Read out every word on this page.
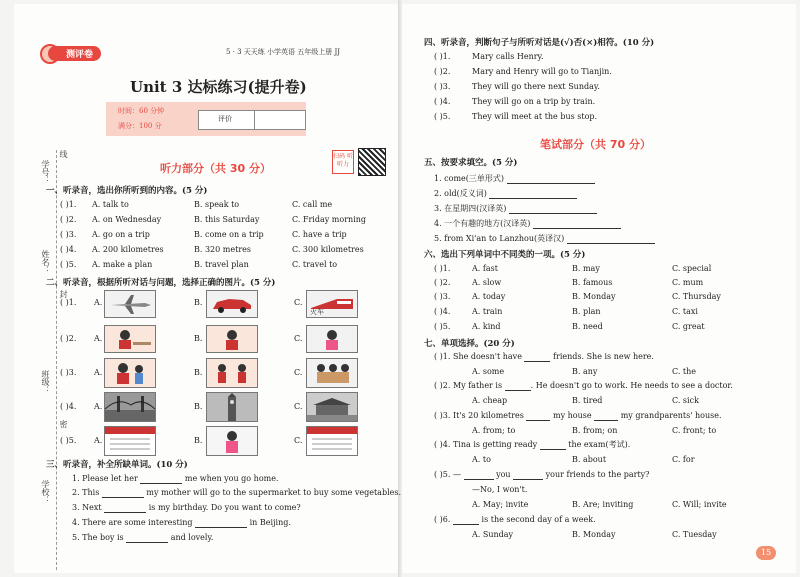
学号：
姓名：
班级：
学校：
线
封
密
测评卷	5 · 3 天天练 小学英语 五年级上册 JJ
Unit 3 达标练习(提升卷)
时间：60 分钟
满分：100 分
评价
听力部分（共 30 分）
扫码 听听力
一、听录音，选出你所听到的内容。(5 分)
( )1. A. talk to	B. speak to	C. call me
( )2. A. on Wednesday	B. this Saturday	C. Friday morning
( )3. A. go on a trip	B. come on a trip	C. have a trip
( )4. A. 200 kilometres	B. 320 metres	C. 300 kilometres
( )5. A. make a plan	B. travel plan	C. travel to
二、听录音，根据所听对话与问题，选择正确的图片。(5 分)
( )1. A.	B.	C.
火车
( )2. A.	B.	C.
( )3. A.	B.	C.
( )4. A.	B.	C.
( )5. A.	B.	C.
三、听录音，补全所缺单词。(10 分)
1. Please let her	me when you go home.
2. This	my mother will go to the supermarket to buy some vegetables.
3. Next	is my birthday. Do you want to come?
4. There are some interesting	in Beijing.
5. The boy is	and lovely.
四、听录音，判断句子与所听对话是(√)否(×)相符。(10 分)
( )1.	Mary calls Henry.
( )2.	Mary and Henry will go to Tianjin.
( )3.	They will go there next Sunday.
( )4.	They will go on a trip by train.
( )5.	They will meet at the bus stop.
笔试部分（共 70 分）
五、按要求填空。(5 分)
1. come(三单形式)
2. old(反义词)
3. 在星期四(汉译英)
4. 一个有趣的地方(汉译英)
5. from Xi'an to Lanzhou(英译汉)
六、选出下列单词中不同类的一项。(5 分)
( )1.	A. fast	B. may	C. special
( )2.	A. slow	B. famous	C. mum
( )3.	A. today	B. Monday	C. Thursday
( )4.	A. train	B. plan	C. taxi
( )5.	A. kind	B. need	C. great
七、单项选择。(20 分)
( )1. She doesn't have	friends. She is new here.
A. some	B. any	C. the
( )2. My father is	. He doesn't go to work. He needs to see a doctor.
A. cheap	B. tired	C. sick
( )3. It's 20 kilometres	my house	my grandparents' house.
A. from; to	B. from; on	C. front; to
( )4. Tina is getting ready	the exam(考试).
A. to	B. about	C. for
( )5. —	you	your friends to the party?
—No, I won't.
A. May; invite	B. Are; inviting	C. Will; invite
( )6.	is the second day of a week.
A. Sunday	B. Monday	C. Tuesday
15
